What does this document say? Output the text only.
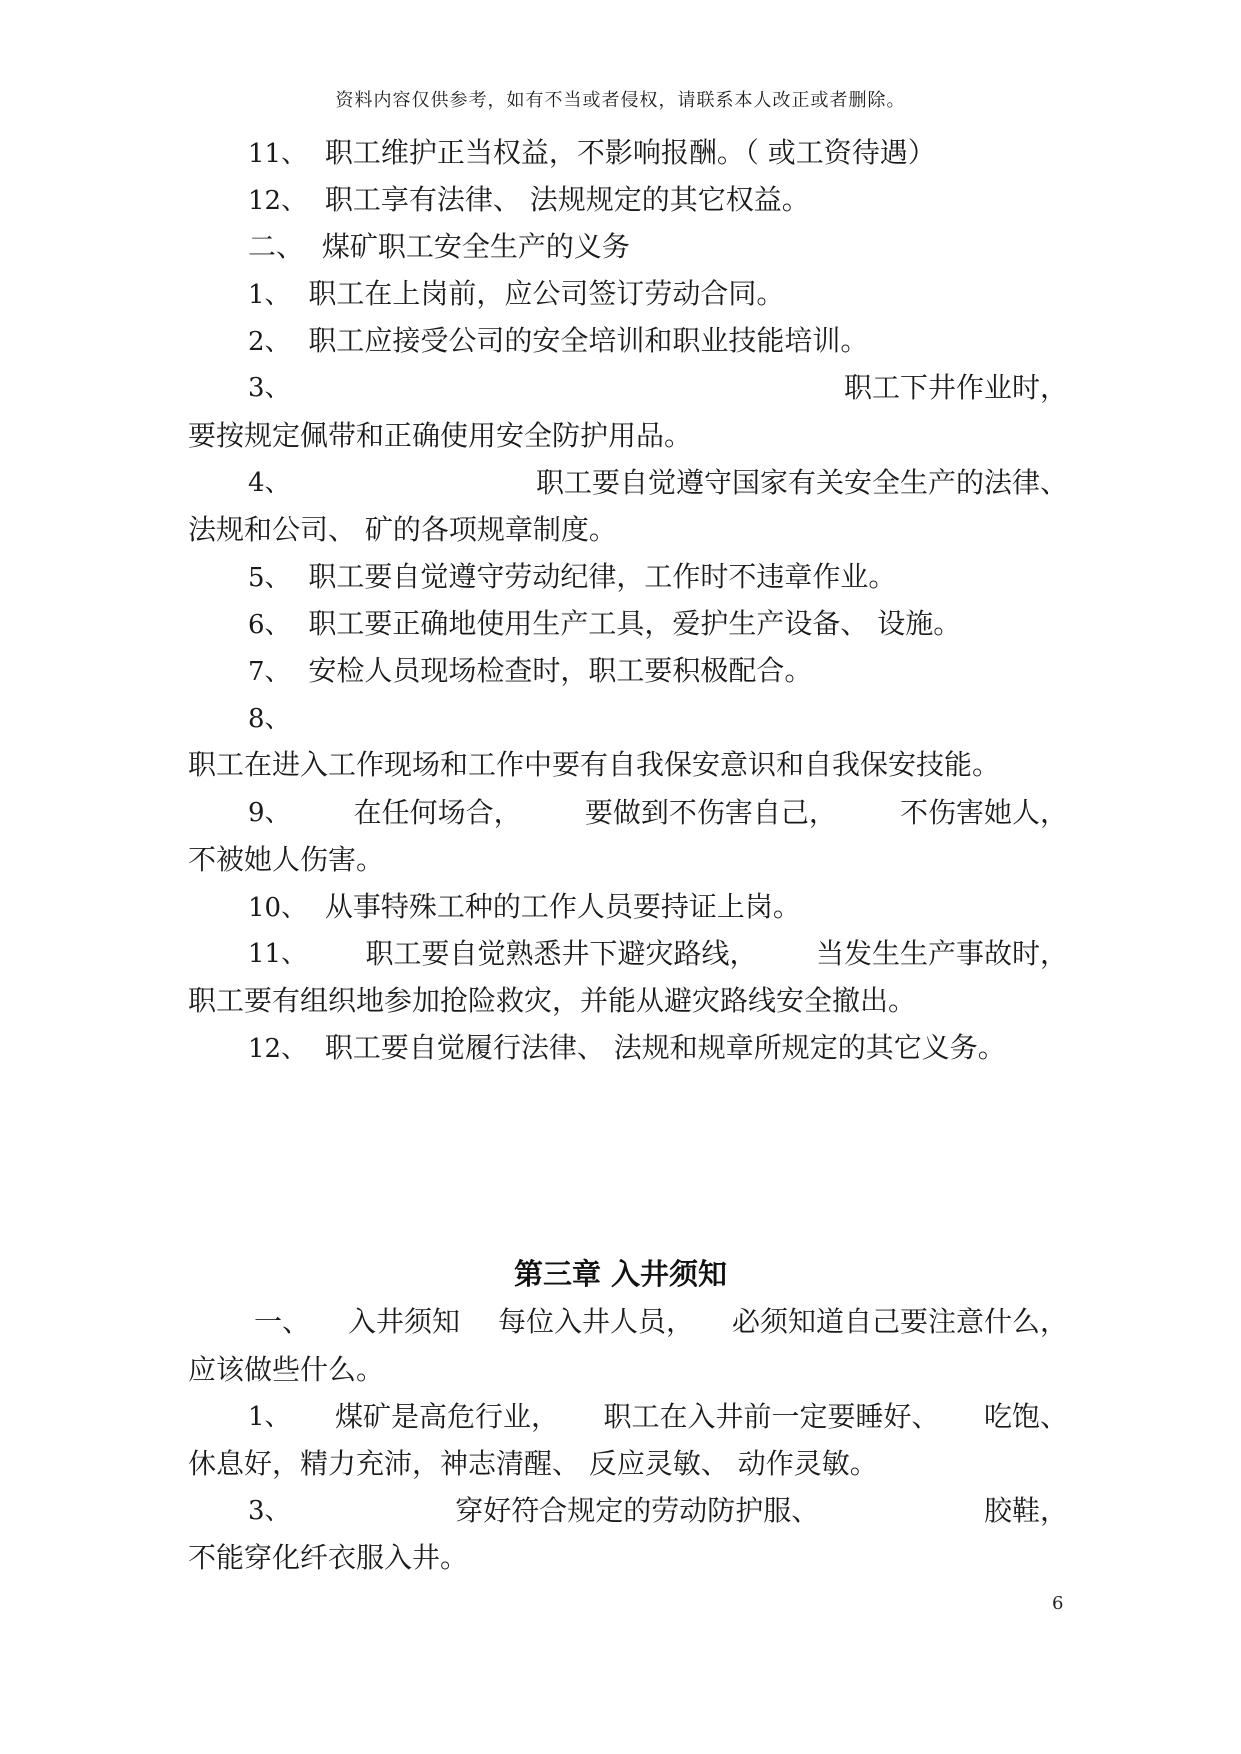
资料内容仅供参考，如有不当或者侵权，请联系本人改正或者删除。
11、 职工维护正当权益，不影响报酬。（ 或工资待遇）
12、 职工享有法律、 法规规定的其它权益。
二、 煤矿职工安全生产的义务
1、 职工在上岗前，应公司签订劳动合同。
2、 职工应接受公司的安全培训和职业技能培训。
3、	职工下井作业时，
要按规定佩带和正确使用安全防护用品。
4、	职工要自觉遵守国家有关安全生产的法律、
法规和公司、 矿的各项规章制度。
5、 职工要自觉遵守劳动纪律，工作时不违章作业。
6、 职工要正确地使用生产工具，爱护生产设备、 设施。
7、 安检人员现场检查时，职工要积极配合。
8、
职工在进入工作现场和工作中要有自我保安意识和自我保安技能。
9、 在任何场合， 要做到不伤害自己， 不伤害她人，
不被她人伤害。
10、 从事特殊工种的工作人员要持证上岗。
11、 职工要自觉熟悉井下避灾路线， 当发生生产事故时，
职工要有组织地参加抢险救灾，并能从避灾路线安全撤出。
12、 职工要自觉履行法律、 法规和规章所规定的其它义务。
第三章 入井须知
一、 入井须知 每位入井人员， 必须知道自己要注意什么，
应该做些什么。
1、 煤矿是高危行业， 职工在入井前一定要睡好、 吃饱、
休息好，精力充沛，神志清醒、 反应灵敏、 动作灵敏。
3、	穿好符合规定的劳动防护服、	胶鞋，
不能穿化纤衣服入井。
6
